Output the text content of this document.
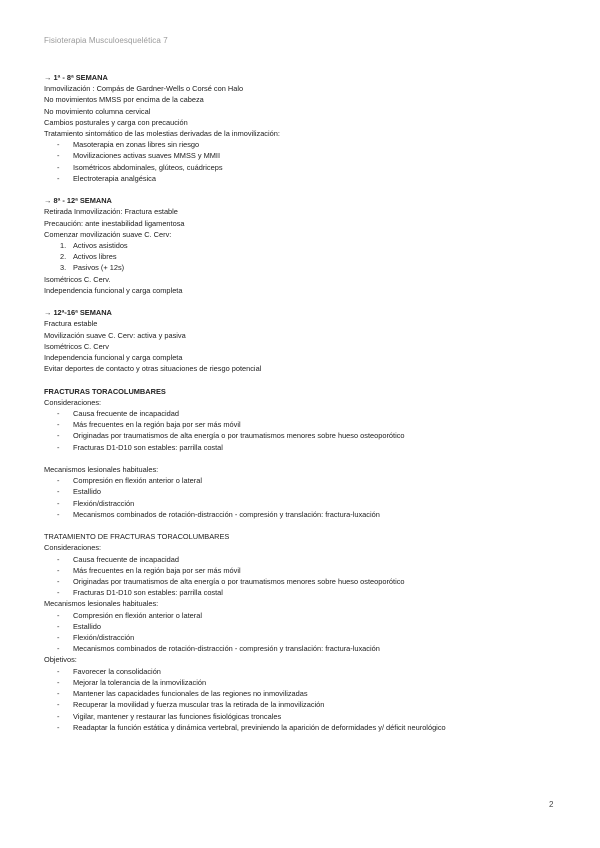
Fisioterapia Musculoesquelética 7
→ 1ª - 8ª SEMANA
Inmovilización : Compás de Gardner-Wells o Corsé con Halo
No movimientos MMSS por encima de la cabeza
No movimiento columna cervical
Cambios posturales y carga con precaución
Tratamiento sintomático de las molestias derivadas de la inmovilización:
- Masoterapia en zonas libres sin riesgo
- Movilizaciones activas suaves MMSS y MMII
- Isométricos abdominales, glúteos, cuádriceps
- Electroterapia analgésica
→ 8ª - 12ª SEMANA
Retirada Inmovilización: Fractura estable
Precaución: ante inestabilidad ligamentosa
Comenzar movilización suave C. Cerv:
1. Activos asistidos
2. Activos libres
3. Pasivos (+ 12s)
Isométricos C. Cerv.
Independencia funcional y carga completa
→ 12ª-16ª SEMANA
Fractura estable
Movilización suave C. Cerv: activa y pasiva
Isométricos C. Cerv
Independencia funcional y carga completa
Evitar deportes de contacto y otras situaciones de riesgo potencial
FRACTURAS TORACOLUMBARES
Consideraciones:
- Causa frecuente de incapacidad
- Más frecuentes en la región baja por ser más móvil
- Originadas por traumatismos de alta energía o por traumatismos menores sobre hueso osteoporótico
- Fracturas D1-D10 son estables: parrilla costal
Mecanismos lesionales habituales:
- Compresión en flexión anterior o lateral
- Estallido
- Flexión/distracción
- Mecanismos combinados de rotación-distracción - compresión y translación: fractura-luxación
TRATAMIENTO DE FRACTURAS TORACOLUMBARES
Consideraciones:
- Causa frecuente de incapacidad
- Más frecuentes en la región baja por ser más móvil
- Originadas por traumatismos de alta energía o por traumatismos menores sobre hueso osteoporótico
- Fracturas D1-D10 son estables: parrilla costal
Mecanismos lesionales habituales:
- Compresión en flexión anterior o lateral
- Estallido
- Flexión/distracción
- Mecanismos combinados de rotación-distracción - compresión y translación: fractura-luxación
Objetivos:
- Favorecer la consolidación
- Mejorar la tolerancia de la inmovilización
- Mantener las capacidades funcionales de las regiones no inmovilizadas
- Recuperar la movilidad y fuerza muscular tras la retirada de la inmovilización
- Vigilar, mantener y restaurar las funciones fisiológicas troncales
- Readaptar la función estática y dinámica vertebral, previniendo la aparición de deformidades y/ déficit neurológico
2
